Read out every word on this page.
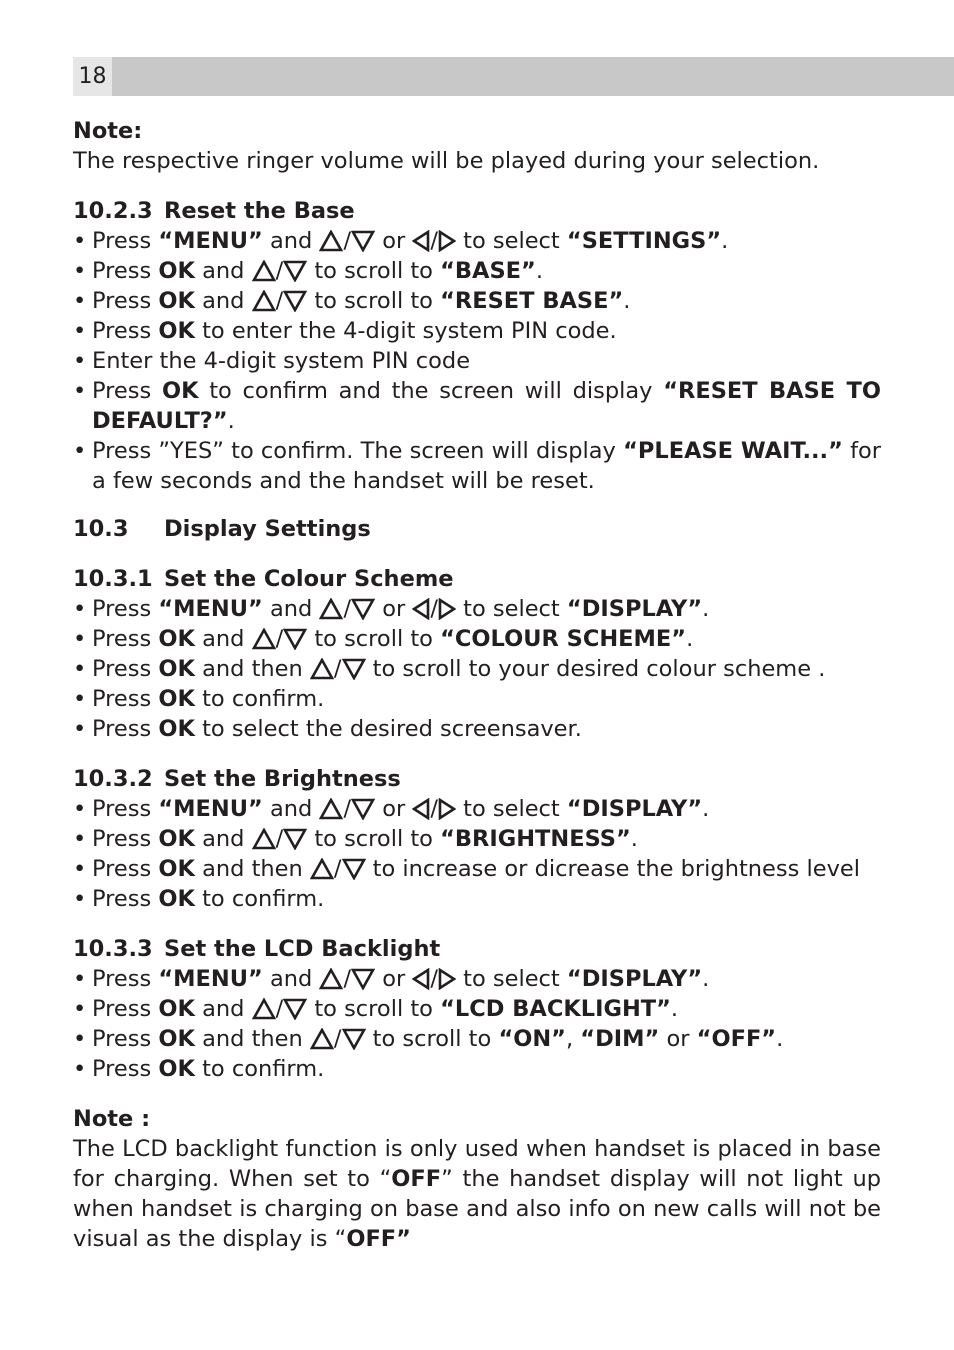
18

Note:

The respective ringer volume will be played during your selection.

10.2.3 Reset the Base

• Press “MENU” and / or / to select “SETTINGS”.

• Press OK and / to scroll to “BASE”.

• Press OK and / to scroll to “RESET BASE”.

• Press OK to enter the 4-digit system PIN code.

• Enter the 4-digit system PIN code

• Press OK to confirm and the screen will display “RESET BASE TO DEFAULT?”.

• Press ”YES” to confirm. The screen will display “PLEASE WAIT...” for a few seconds and the handset will be reset.

10.3 Display Settings

10.3.1 Set the Colour Scheme

• Press “MENU” and / or / to select “DISPLAY”.

• Press OK and / to scroll to “COLOUR SCHEME”.

• Press OK and then / to scroll to your desired colour scheme .

• Press OK to confirm.

• Press OK to select the desired screensaver.

10.3.2 Set the Brightness

• Press “MENU” and / or / to select “DISPLAY”.

• Press OK and / to scroll to “BRIGHTNESS”.

• Press OK and then / to increase or dicrease the brightness level

• Press OK to confirm.

10.3.3 Set the LCD Backlight

• Press “MENU” and / or / to select “DISPLAY”.

• Press OK and / to scroll to “LCD BACKLIGHT”.

• Press OK and then / to scroll to “ON”, “DIM” or “OFF”.

• Press OK to confirm.

Note :

The LCD backlight function is only used when handset is placed in base for charging. When set to “OFF” the handset display will not light up when handset is charging on base and also info on new calls will not be visual as the display is “OFF”
